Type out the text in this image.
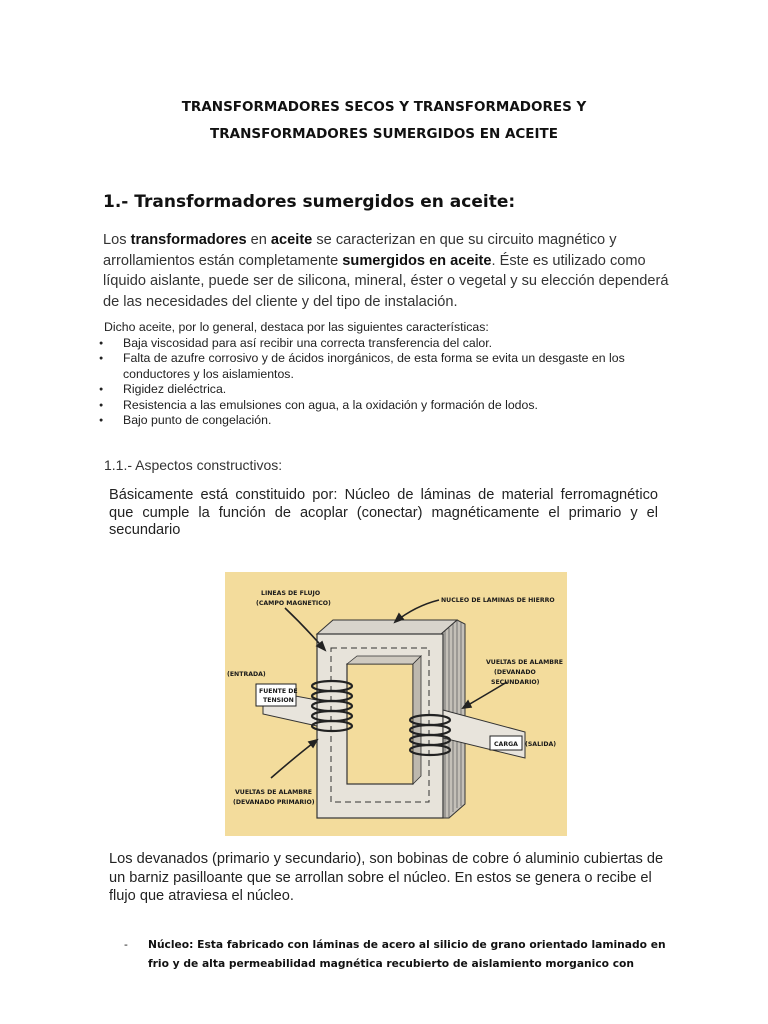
TRANSFORMADORES SECOS Y TRANSFORMADORES Y
TRANSFORMADORES SUMERGIDOS EN ACEITE
1.- Transformadores sumergidos en aceite:

Los transformadores en aceite se caracterizan en que su circuito magnético y arrollamientos están completamente sumergidos en aceite. Éste es utilizado como líquido aislante, puede ser de silicona, mineral, éster o vegetal y su elección dependerá de las necesidades del cliente y del tipo de instalación.

Dicho aceite, por lo general, destaca por las siguientes características:
● Baja viscosidad para así recibir una correcta transferencia del calor.
● Falta de azufre corrosivo y de ácidos inorgánicos, de esta forma se evita un desgaste en los conductores y los aislamientos.
● Rigidez dieléctrica.
● Resistencia a las emulsiones con agua, a la oxidación y formación de lodos.
● Bajo punto de congelación.
1.1.- Aspectos constructivos:

Básicamente está constituido por: Núcleo de láminas de material ferromagnético que cumple la función de acoplar (conectar) magnéticamente el primario y el secundario

LINEAS DE FLUJO
(CAMPO MAGNETICO)	NUCLEO DE LAMINAS DE HIERRO
(ENTRADA)
FUENTE DE
TENSION
VUELTAS DE ALAMBRE
(DEVANADO
SECUNDARIO)
CARGA (SALIDA)
VUELTAS DE ALAMBRE
(DEVANADO PRIMARIO)

Los devanados (primario y secundario), son bobinas de cobre ó aluminio cubiertas de un barniz pasilloante que se arrollan sobre el núcleo. En estos se genera o recibe el flujo que atraviesa el núcleo.

- Núcleo: Esta fabricado con láminas de acero al silicio de grano orientado laminado en frio y de alta permeabilidad magnética recubierto de aislamiento morganico con
